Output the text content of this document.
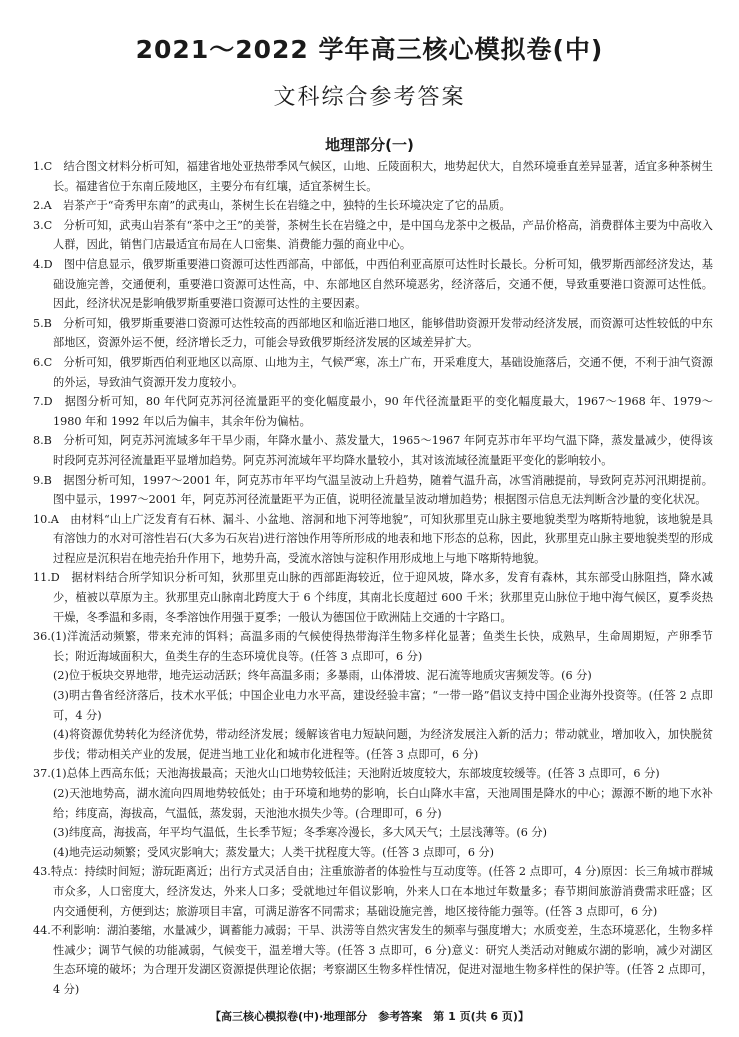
2021～2022 学年高三核心模拟卷(中)
文科综合参考答案
地理部分(一)

1.C　 结合图文材料分析可知，福建省地处亚热带季风气候区，山地、丘陵面积大，地势起伏大，自然环境垂直差异显著，适宜多种茶树生长。福建省位于东南丘陵地区，主要分布有红壤，适宜茶树生长。

2.A　 岩茶产于“奇秀甲东南”的武夷山，茶树生长在岩缝之中，独特的生长环境决定了它的品质。

3.C　 分析可知，武夷山岩茶有“茶中之王”的美誉，茶树生长在岩缝之中，是中国乌龙茶中之极品，产品价格高，消费群体主要为中高收入人群，因此，销售门店最适宜布局在人口密集、消费能力强的商业中心。

4.D　 图中信息显示，俄罗斯重要港口资源可达性西部高，中部低，中西伯利亚高原可达性时长最长。分析可知，俄罗斯西部经济发达，基础设施完善，交通便利，重要港口资源可达性高，中、东部地区自然环境恶劣，经济落后，交通不便，导致重要港口资源可达性低。因此，经济状况是影响俄罗斯重要港口资源可达性的主要因素。

5.B　 分析可知，俄罗斯重要港口资源可达性较高的西部地区和临近港口地区，能够借助资源开发带动经济发展，而资源可达性较低的中东部地区，资源外运不便，经济增长乏力，可能会导致俄罗斯经济发展的区域差异扩大。

6.C　 分析可知，俄罗斯西伯利亚地区以高原、山地为主，气候严寒，冻土广布，开采难度大，基础设施落后，交通不便，不利于油气资源的外运，导致油气资源开发力度较小。

7.D　 据图分析可知，80 年代阿克苏河径流量距平的变化幅度最小，90 年代径流量距平的变化幅度最大，1967～1968 年、1979～1980 年和 1992 年以后为偏丰，其余年份为偏枯。

8.B　 分析可知，阿克苏河流域多年干旱少雨，年降水量小、蒸发量大，1965～1967 年阿克苏市年平均气温下降，蒸发量减少，使得该时段阿克苏河径流量距平显增加趋势。阿克苏河流域年平均降水量较小，其对该流域径流量距平变化的影响较小。

9.B　 据图分析可知，1997～2001 年，阿克苏市年平均气温呈波动上升趋势，随着气温升高，冰雪消融提前，导致阿克苏河汛期提前。图中显示，1997～2001 年，阿克苏河径流量距平为正值，说明径流量呈波动增加趋势；根据图示信息无法判断含沙量的变化状况。

10.A　 由材料“山上广泛发育有石林、漏斗、小盆地、溶洞和地下河等地貌”，可知狄那里克山脉主要地貌类型为喀斯特地貌，该地貌是具有溶蚀力的水对可溶性岩石(大多为石灰岩)进行溶蚀作用等所形成的地表和地下形态的总称，因此，狄那里克山脉主要地貌类型的形成过程应是沉积岩在地壳抬升作用下，地势升高，受流水溶蚀与淀积作用形成地上与地下喀斯特地貌。

11.D　 据材料结合所学知识分析可知，狄那里克山脉的西部距海较近，位于迎风坡，降水多，发育有森林，其东部受山脉阻挡，降水减少，植被以草原为主。狄那里克山脉南北跨度大于 6 个纬度，其南北长度超过 600 千米；狄那里克山脉位于地中海气候区，夏季炎热干燥，冬季温和多雨，冬季溶蚀作用强于夏季；一般认为德国位于欧洲陆上交通的十字路口。

36.(1)洋流活动频繁，带来充沛的饵料；高温多雨的气候使得热带海洋生物多样化显著；鱼类生长快，成熟早，生命周期短，产卵季节长；附近海域面积大，鱼类生存的生态环境优良等。(任答 3 点即可，6 分)

(2)位于板块交界地带，地壳运动活跃；终年高温多雨；多暴雨，山体滑坡、泥石流等地质灾害频发等。(6 分)

(3)明古鲁省经济落后，技术水平低；中国企业电力水平高，建设经验丰富；“一带一路”倡议支持中国企业海外投资等。(任答 2 点即可，4 分)

(4)将资源优势转化为经济优势，带动经济发展；缓解该省电力短缺问题，为经济发展注入新的活力；带动就业，增加收入，加快脱贫步伐；带动相关产业的发展，促进当地工业化和城市化进程等。(任答 3 点即可，6 分)

37.(1)总体上西高东低；天池海拔最高；天池火山口地势较低洼；天池附近坡度较大，东部坡度较缓等。(任答 3 点即可，6 分)

(2)天池地势高，湖水流向四周地势较低处；由于环境和地势的影响，长白山降水丰富，天池周围是降水的中心；源源不断的地下水补给；纬度高，海拔高，气温低，蒸发弱，天池池水损失少等。(合理即可，6 分)

(3)纬度高，海拔高，年平均气温低，生长季节短；冬季寒冷漫长，多大风天气；土层浅薄等。(6 分)

(4)地壳运动频繁；受风灾影响大；蒸发量大；人类干扰程度大等。(任答 3 点即可，6 分)

43.特点：持续时间短；游玩距离近；出行方式灵活自由；注重旅游者的体验性与互动度等。(任答 2 点即可，4 分)原因：长三角城市群城市众多，人口密度大，经济发达，外来人口多；受就地过年倡议影响，外来人口在本地过年数量多；春节期间旅游消费需求旺盛；区内交通便利，方便到达；旅游项目丰富，可满足游客不同需求；基础设施完善，地区接待能力强等。(任答 3 点即可，6 分)

44.不利影响：湖泊萎缩，水量减少，调蓄能力减弱；干旱、洪涝等自然灾害发生的频率与强度增大；水质变差，生态环境恶化，生物多样性减少；调节气候的功能减弱，气候变干，温差增大等。(任答 3 点即可，6 分)意义：研究人类活动对鲍威尔湖的影响，减少对湖区生态环境的破坏；为合理开发湖区资源提供理论依据；考察湖区生物多样性情况，促进对湿地生物多样性的保护等。(任答 2 点即可，4 分)

【高三核心模拟卷(中)·地理部分　参考答案　第 1 页(共 6 页)】
